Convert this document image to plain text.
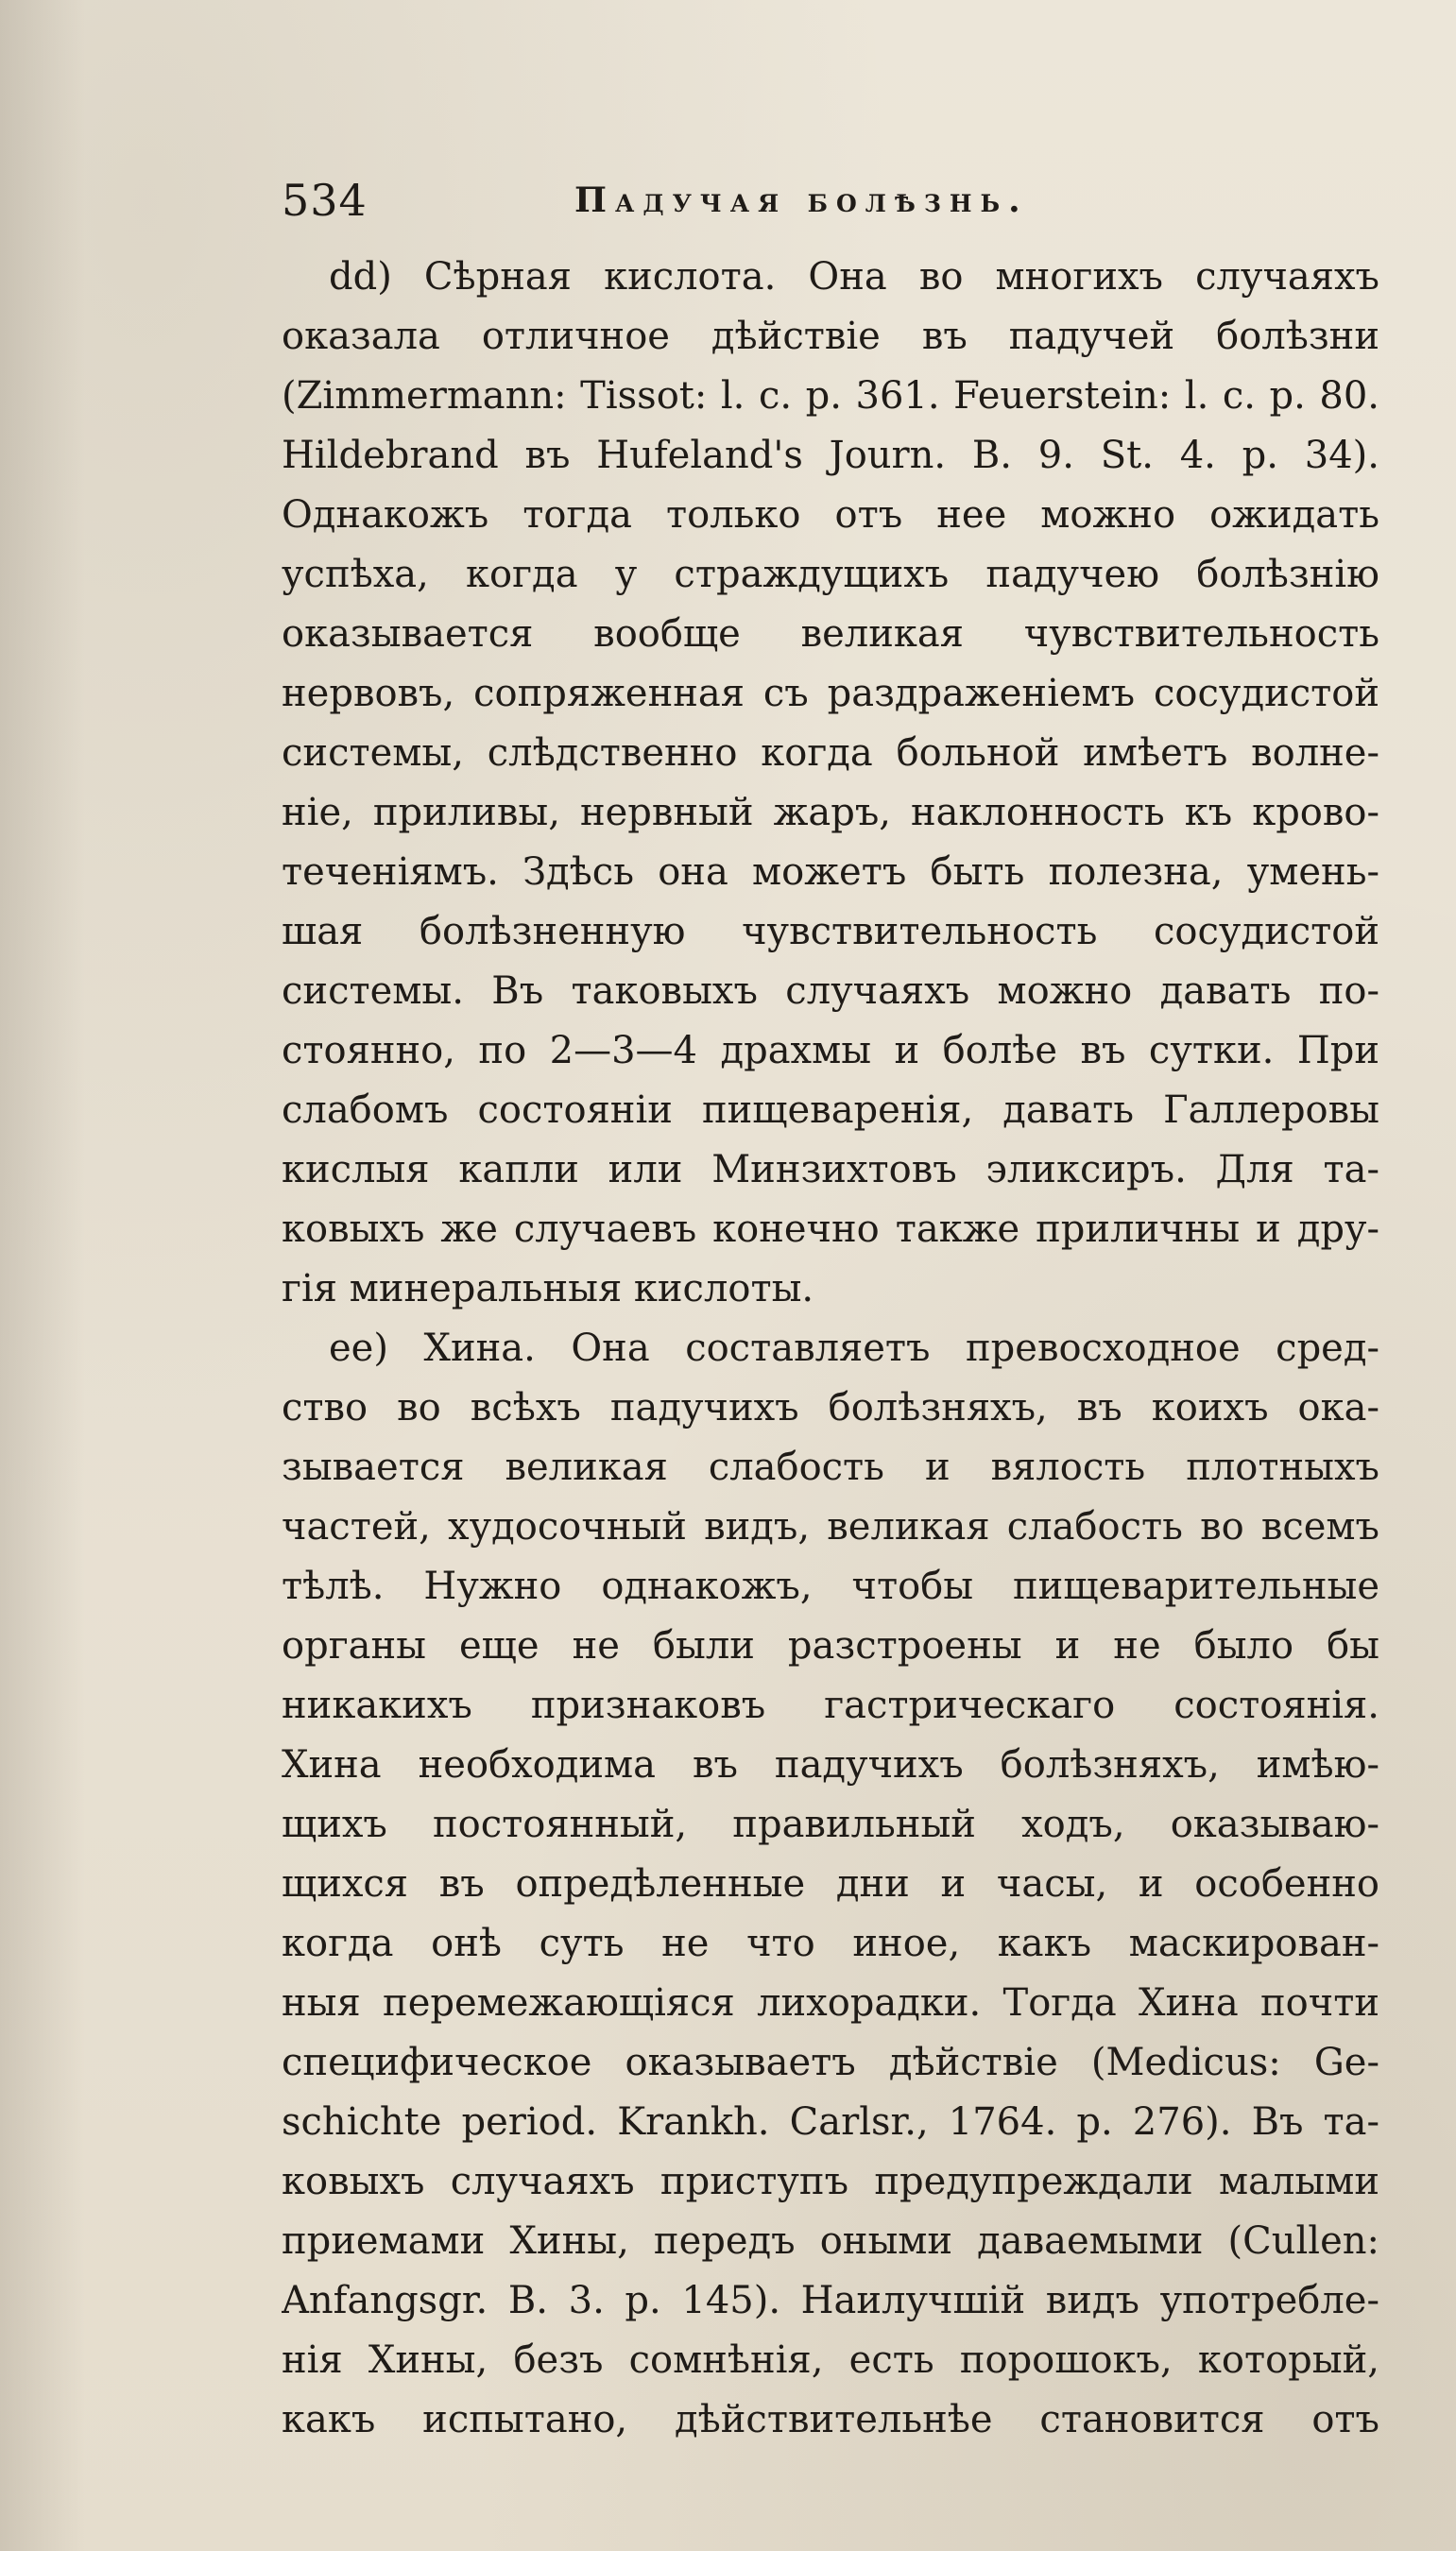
534	Падучая болѣзнь.
dd) Сѣрная кислота. Она во многихъ случаяхъ
оказала отличное дѣйствіе въ падучей болѣзни
(Zimmermann: Tissot: l. c. p. 361. Feuerstein: l. c. p. 80.
Hildebrand въ Hufeland's Journ. B. 9. St. 4. p. 34).
Однакожъ тогда только отъ нее можно ожидать
успѣха, когда у страждущихъ падучею болѣзнію
оказывается вообще великая чувствительность
нервовъ, сопряженная съ раздраженіемъ сосудистой
системы, слѣдственно когда больной имѣетъ волне-
ніе, приливы, нервный жаръ, наклонность къ крово-
теченіямъ. Здѣсь она можетъ быть полезна, умень-
шая болѣзненную чувствительность сосудистой
системы. Въ таковыхъ случаяхъ можно давать по-
стоянно, по 2—3—4 драхмы и болѣе въ сутки. При
слабомъ состояніи пищеваренія, давать Галлеровы
кислыя капли или Минзихтовъ эликсиръ. Для та-
ковыхъ же случаевъ конечно также приличны и дру-
гія минеральныя кислоты.
ee) Хина. Она составляетъ превосходное сред-
ство во всѣхъ падучихъ болѣзняхъ, въ коихъ ока-
зывается великая слабость и вялость плотныхъ
частей, худосочный видъ, великая слабость во всемъ
тѣлѣ. Нужно однакожъ, чтобы пищеварительные
органы еще не были разстроены и не было бы
никакихъ признаковъ гастрическаго состоянія.
Хина необходима въ падучихъ болѣзняхъ, имѣю-
щихъ постоянный, правильный ходъ, оказываю-
щихся въ опредѣленные дни и часы, и особенно
когда онѣ суть не что иное, какъ маскирован-
ныя перемежающіяся лихорадки. Тогда Хина почти
специфическое оказываетъ дѣйствіе (Medicus: Ge-
schichte period. Krankh. Carlsr., 1764. p. 276). Въ та-
ковыхъ случаяхъ приступъ предупреждали малыми
приемами Хины, передъ оными даваемыми (Cullen:
Anfangsgr. B. 3. p. 145). Наилучшій видъ употребле-
нія Хины, безъ сомнѣнія, есть порошокъ, который,
какъ испытано, дѣйствительнѣе становится отъ
